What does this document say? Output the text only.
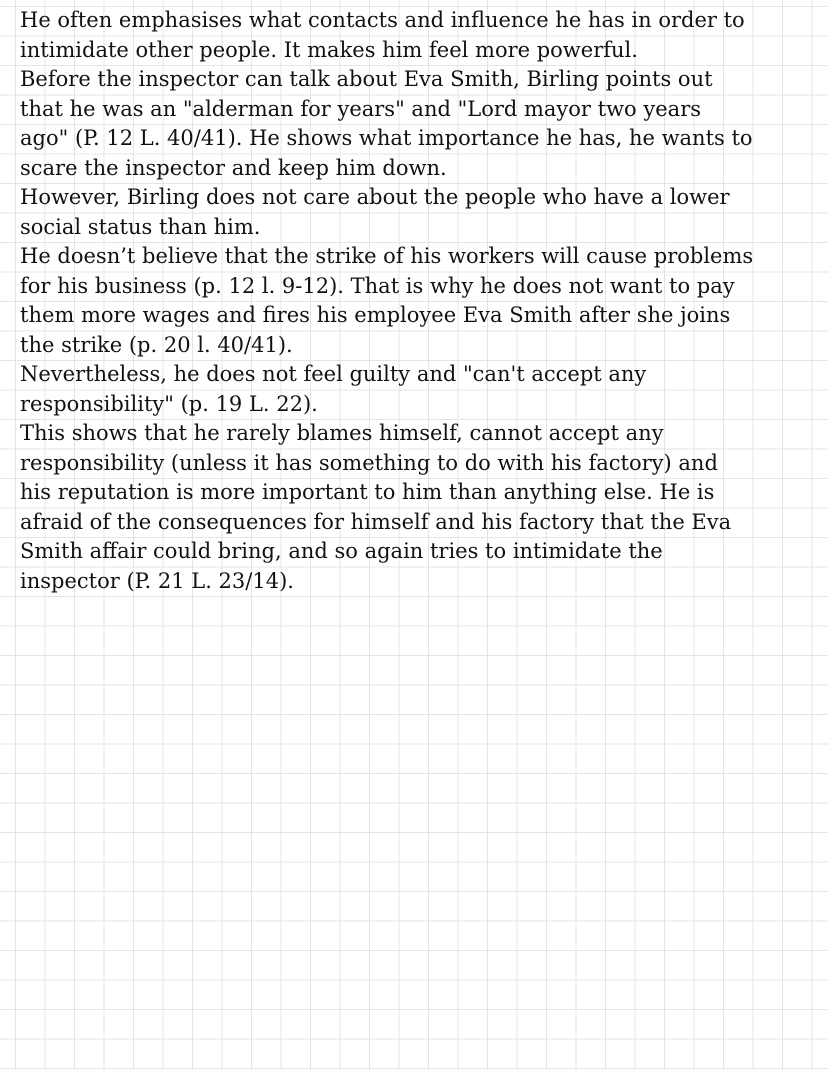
He often emphasises what contacts and influence he has in order to
intimidate other people. It makes him feel more powerful.
Before the inspector can talk about Eva Smith, Birling points out
that he was an "alderman for years" and "Lord mayor two years
ago" (P. 12 L. 40/41). He shows what importance he has, he wants to
scare the inspector and keep him down.
However, Birling does not care about the people who have a lower
social status than him.
He doesn’t believe that the strike of his workers will cause problems
for his business (p. 12 l. 9-12). That is why he does not want to pay
them more wages and fires his employee Eva Smith after she joins
the strike (p. 20 l. 40/41).
Nevertheless, he does not feel guilty and "can't accept any
responsibility" (p. 19 L. 22).
This shows that he rarely blames himself, cannot accept any
responsibility (unless it has something to do with his factory) and
his reputation is more important to him than anything else. He is
afraid of the consequences for himself and his factory that the Eva
Smith affair could bring, and so again tries to intimidate the
inspector (P. 21 L. 23/14).
